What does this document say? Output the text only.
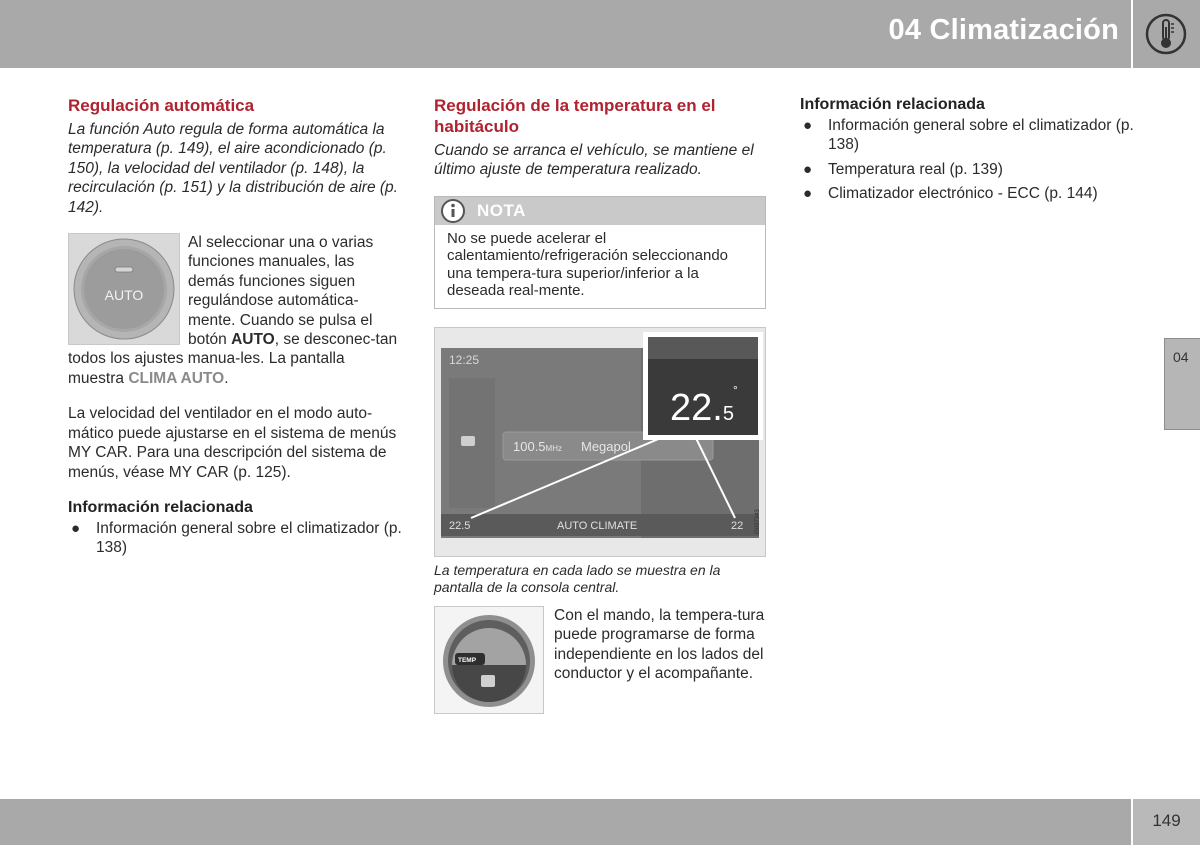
04 Climatización
04
Regulación automática

La función Auto regula de forma automática la temperatura (p. 149), el aire acondicionado (p. 150), la velocidad del ventilador (p. 148), la recirculación (p. 151) y la distribución de aire (p. 142).

AUTO

Al seleccionar una o varias funciones manuales, las demás funciones siguen regulándose automática-mente. Cuando se pulsa el botón AUTO, se desconec-tan todos los ajustes manua-les. La pantalla muestra CLIMA AUTO.

La velocidad del ventilador en el modo auto-mático puede ajustarse en el sistema de menús MY CAR. Para una descripción del sistema de menús, véase MY CAR (p. 125).

Información relacionada
● Información general sobre el climatizador (p. 138)
Regulación de la temperatura en el habitáculo

Cuando se arranca el vehículo, se mantiene el último ajuste de temperatura realizado.

NOTA
No se puede acelerar el calentamiento/refrigeración seleccionando una tempera-tura superior/inferior a la deseada real-mente.
12:25
100.5MHz Megapol
22.5	AUTO CLIMATE	22 G037343
22.5
°

La temperatura en cada lado se muestra en la pantalla de la consola central.

TEMP

Con el mando, la tempera-tura puede programarse de forma independiente en los lados del conductor y el acompañante.

Información relacionada
● Información general sobre el climatizador (p. 138)
● Temperatura real (p. 139)
● Climatizador electrónico - ECC (p. 144)
149
